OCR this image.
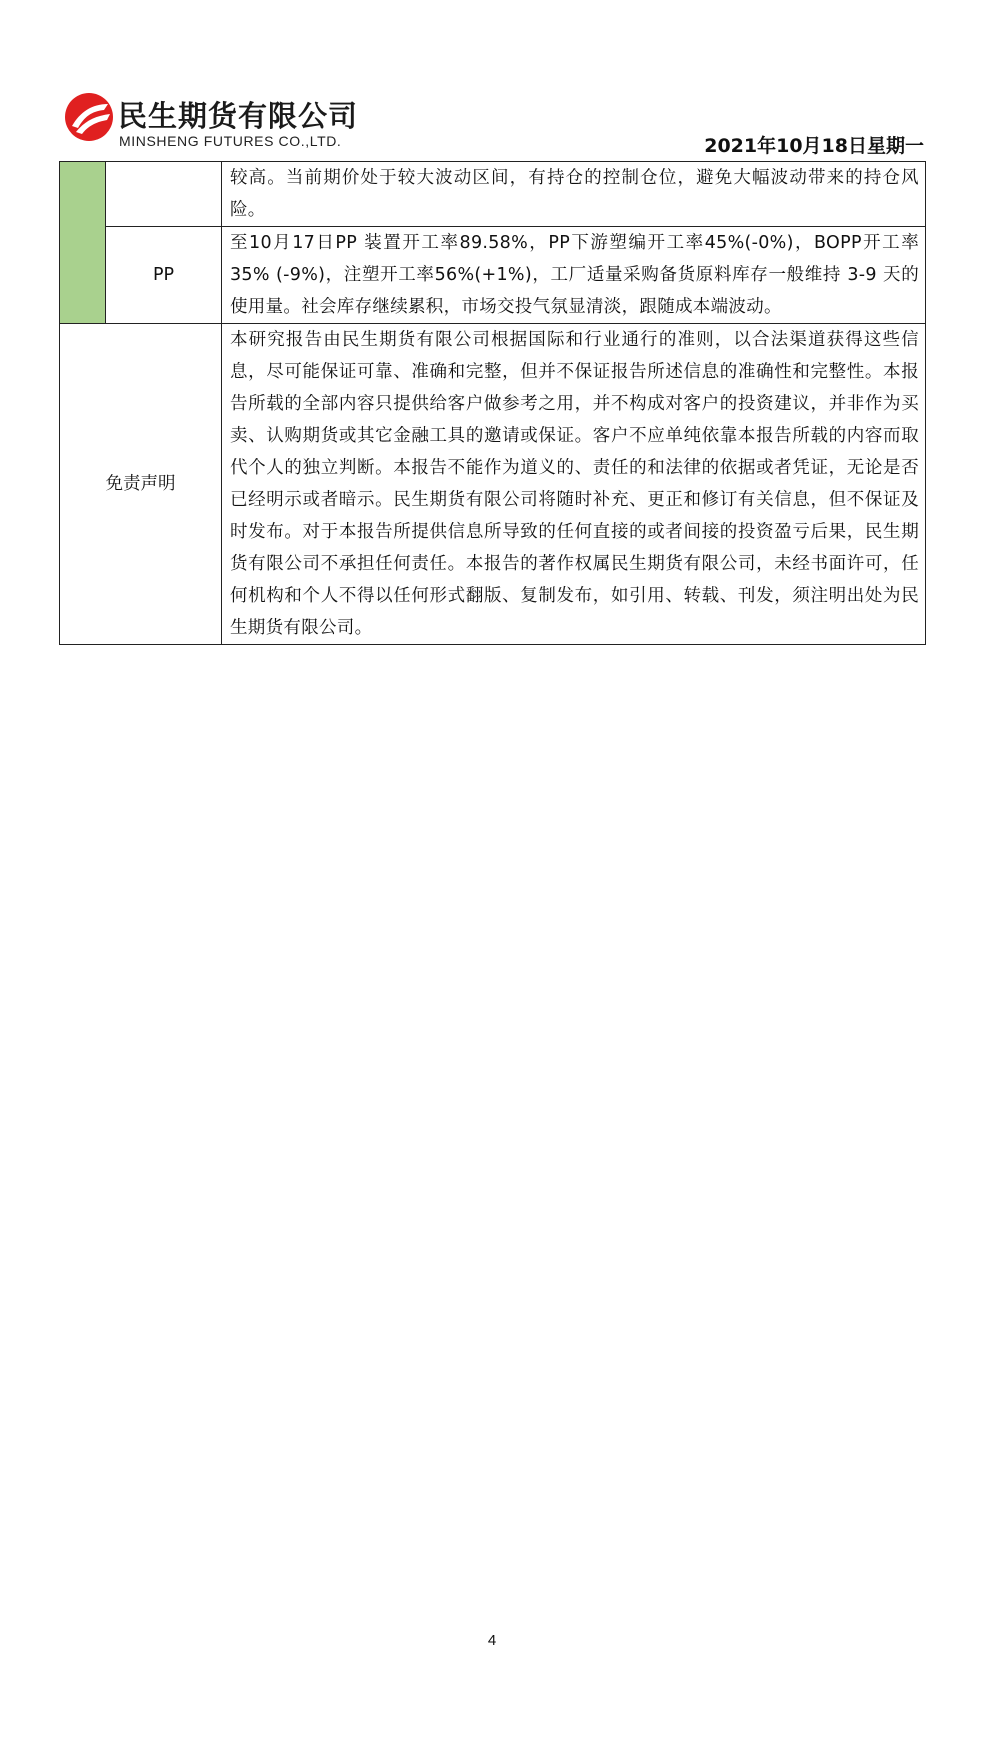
民生期货有限公司
MINSHENG FUTURES CO.,LTD.	2021年10月18日星期一
		较高。当前期价处于较大波动区间，有持仓的控制仓位，避免大幅波动带来的持仓风险。
	PP	至10月17日PP 装置开工率89.58%，PP下游塑编开工率45%(-0%)，BOPP开工率35% (-9%)，注塑开工率56%(+1%)，工厂适量采购备货原料库存一般维持 3-9 天的使用量。社会库存继续累积，市场交投气氛显清淡，跟随成本端波动。
免责声明		本研究报告由民生期货有限公司根据国际和行业通行的准则，以合法渠道获得这些信息，尽可能保证可靠、准确和完整，但并不保证报告所述信息的准确性和完整性。本报告所载的全部内容只提供给客户做参考之用，并不构成对客户的投资建议，并非作为买卖、认购期货或其它金融工具的邀请或保证。客户不应单纯依靠本报告所载的内容而取代个人的独立判断。本报告不能作为道义的、责任的和法律的依据或者凭证，无论是否已经明示或者暗示。民生期货有限公司将随时补充、更正和修订有关信息，但不保证及时发布。对于本报告所提供信息所导致的任何直接的或者间接的投资盈亏后果，民生期货有限公司不承担任何责任。本报告的著作权属民生期货有限公司，未经书面许可，任何机构和个人不得以任何形式翻版、复制发布，如引用、转载、刊发，须注明出处为民生期货有限公司。
4
